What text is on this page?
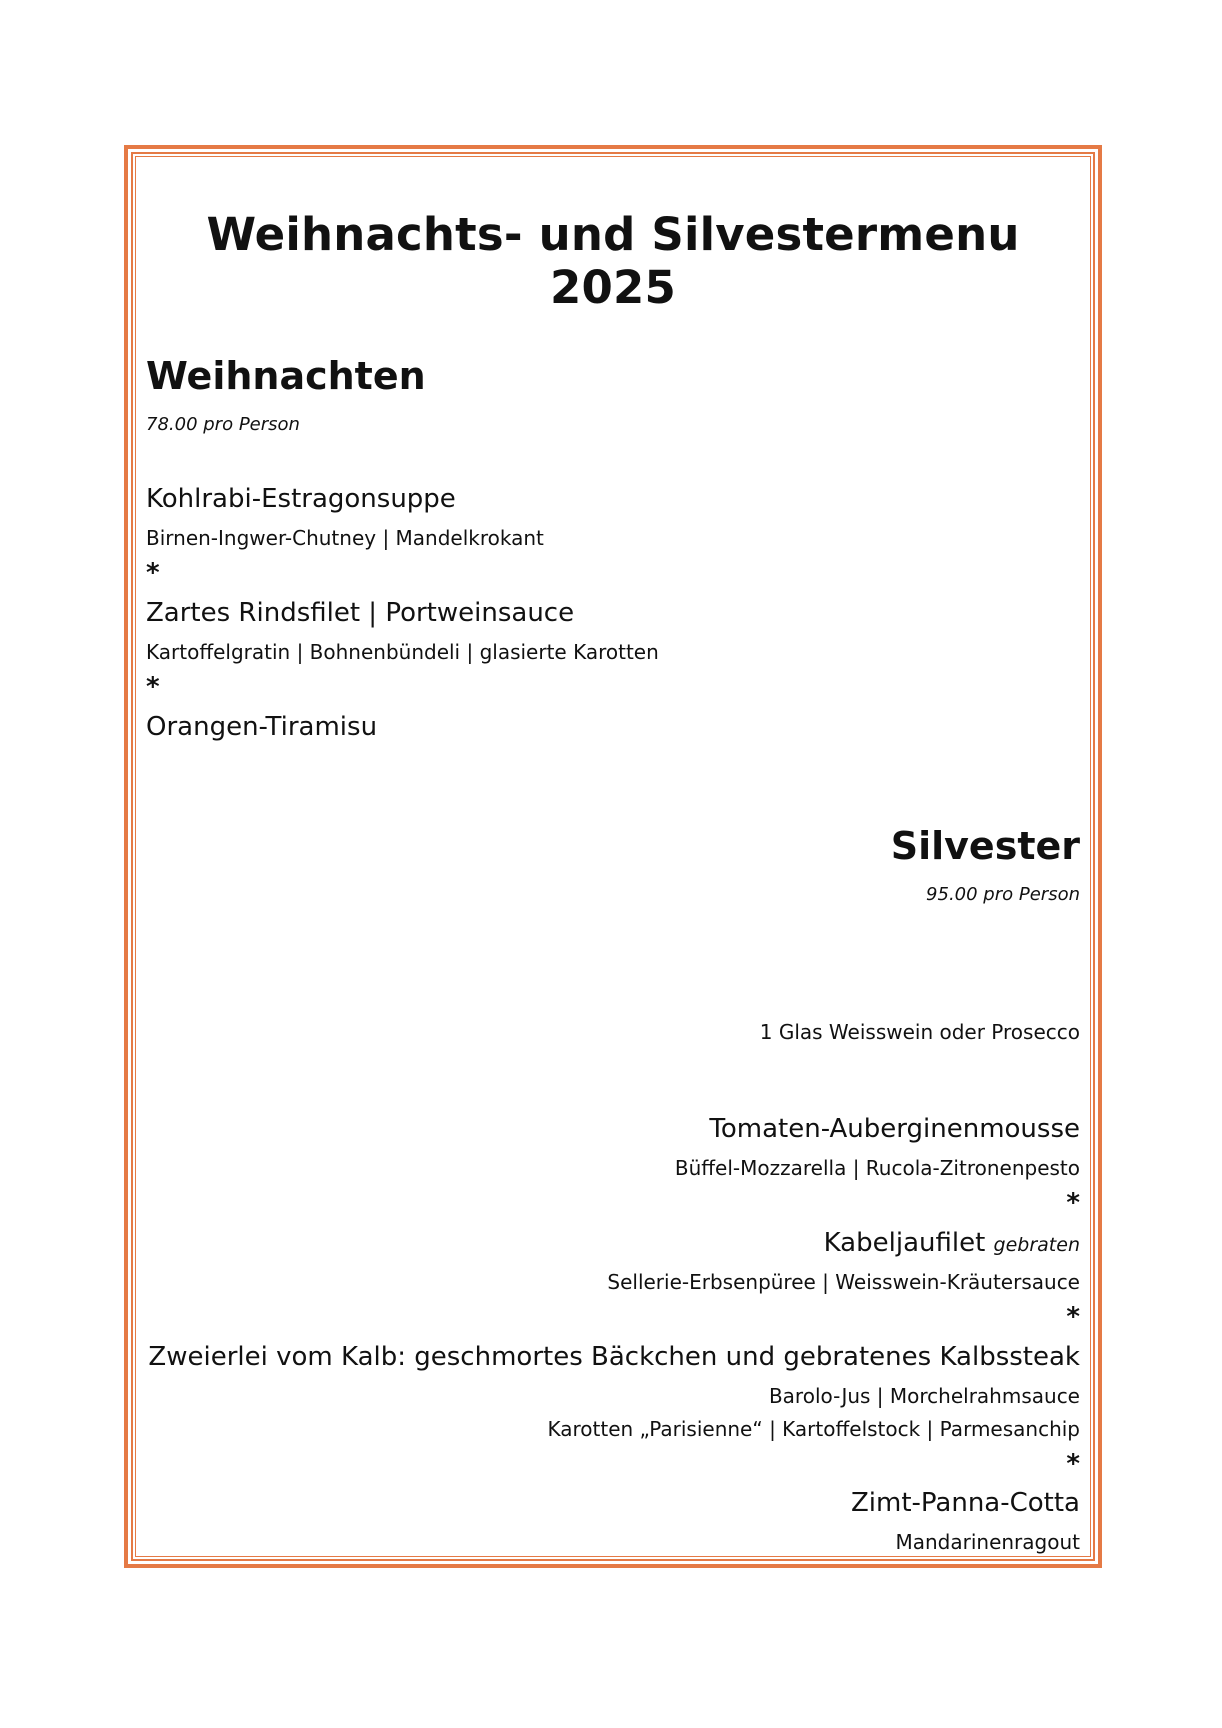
Weihnachts- und Silvestermenu 2025
Weihnachten

78.00 pro Person

Kohlrabi-Estragonsuppe

Birnen-Ingwer-Chutney | Mandelkrokant

*

Zartes Rindsfilet | Portweinsauce

Kartoffelgratin | Bohnenbündeli | glasierte Karotten

*

Orangen-Tiramisu

Silvester

95.00 pro Person

1 Glas Weisswein oder Prosecco

Tomaten-Auberginenmousse

Büffel-Mozzarella | Rucola-Zitronenpesto

*

Kabeljaufilet gebraten

Sellerie-Erbsenpüree | Weisswein-Kräutersauce

*

Zweierlei vom Kalb: geschmortes Bäckchen und gebratenes Kalbssteak

Barolo-Jus | Morchelrahmsauce

Karotten „Parisienne“ | Kartoffelstock | Parmesanchip

*

Zimt-Panna-Cotta

Mandarinenragout
